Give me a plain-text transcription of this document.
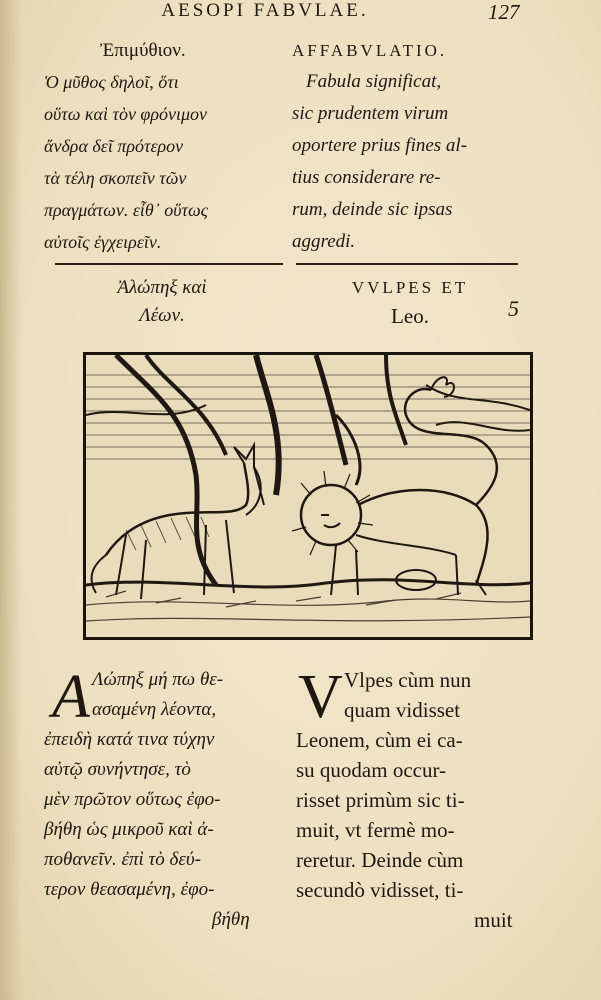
AESOPI FABVLAE.	127
Ἐπιμύθιον.	AFFABVLATIO.
Ὁ μῦθος δηλοῖ, ὅτι
οὕτω καὶ τὸν φρόνιμον
ἄνδρα δεῖ πρότερον
τὰ τέλη σκοπεῖν τῶν
πραγμάτων. εἶθ᾽ οὕτως
αὐτοῖς ἐγχειρεῖν.
Fabula significat,
sic prudentem virum
oportere prius fines al-
tius considerare re-
rum, deinde sic ipsas
aggredi.
Ἀλώπηξ καὶ
Λέων.
VVLPES ET
Leo.	5
Α Λώπηξ μή πω θε-
ασαμένη λέοντα,
ἐπειδὴ κατά τινα τύχην
αὐτῷ συνήντησε, τὸ
μὲν πρῶτον οὕτως ἐφο-
βήθη ὡς μικροῦ καὶ ἀ-
ποθανεῖν. ἐπὶ τὸ δεύ-
τερον θεασαμένη, ἐφο-
βήθη
V Vlpes cùm nun
quam vidisset
Leonem, cùm ei ca-
su quodam occur-
risset primùm sic ti-
muit, vt fermè mo-
reretur. Deinde cùm
secundò vidisset, ti-
muit
